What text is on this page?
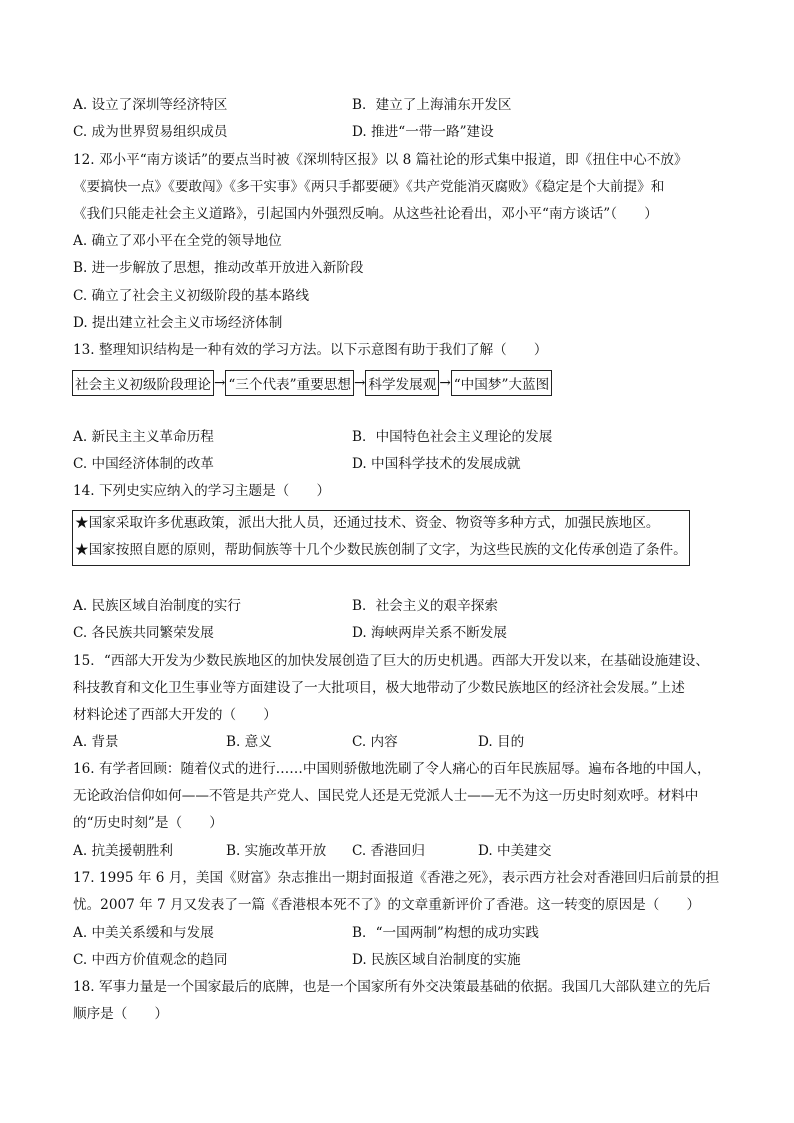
A. 设立了深圳等经济特区	B．建立了上海浦东开发区
C. 成为世界贸易组织成员	D. 推进“一带一路”建设
12. 邓小平“南方谈话”的要点当时被《深圳特区报》以 8 篇社论的形式集中报道，即《扭住中心不放》
《要搞快一点》《要敢闯》《多干实事》《两只手都要硬》《共产党能消灭腐败》《稳定是个大前提》和
《我们只能走社会主义道路》，引起国内外强烈反响。从这些社论看出，邓小平“南方谈话”（　　）
A. 确立了邓小平在全党的领导地位
B. 进一步解放了思想，推动改革开放进入新阶段
C. 确立了社会主义初级阶段的基本路线
D. 提出建立社会主义市场经济体制
13. 整理知识结构是一种有效的学习方法。以下示意图有助于我们了解（　　）
社会主义初级阶段理论 → “三个代表”重要思想 → 科学发展观 → “中国梦”大蓝图
A. 新民主主义革命历程	B．中国特色社会主义理论的发展
C. 中国经济体制的改革	D. 中国科学技术的发展成就
14. 下列史实应纳入的学习主题是（　　）
★国家采取许多优惠政策，派出大批人员，还通过技术、资金、物资等多种方式，加强民族地区。
★国家按照自愿的原则，帮助侗族等十几个少数民族创制了文字，为这些民族的文化传承创造了条件。
A. 民族区域自治制度的实行	B．社会主义的艰辛探索
C. 各民族共同繁荣发展	D. 海峡两岸关系不断发展
15．“西部大开发为少数民族地区的加快发展创造了巨大的历史机遇。西部大开发以来，在基础设施建设、
科技教育和文化卫生事业等方面建设了一大批项目，极大地带动了少数民族地区的经济社会发展。”上述
材料论述了西部大开发的（　　）
A. 背景	B. 意义	C. 内容	D. 目的
16. 有学者回顾：随着仪式的进行……中国则骄傲地洗刷了令人痛心的百年民族屈辱。遍布各地的中国人，
无论政治信仰如何——不管是共产党人、国民党人还是无党派人士——无不为这一历史时刻欢呼。材料中
的“历史时刻”是（　　）
A. 抗美援朝胜利	B. 实施改革开放 C. 香港回归	D. 中美建交
17. 1995 年 6 月，美国《财富》杂志推出一期封面报道《香港之死》，表示西方社会对香港回归后前景的担
忧。2007 年 7 月又发表了一篇《香港根本死不了》的文章重新评价了香港。这一转变的原因是（　　）
A. 中美关系缓和与发展	B．“一国两制”构想的成功实践
C. 中西方价值观念的趋同	D. 民族区域自治制度的实施
18. 军事力量是一个国家最后的底牌，也是一个国家所有外交决策最基础的依据。我国几大部队建立的先后
顺序是（　　）
